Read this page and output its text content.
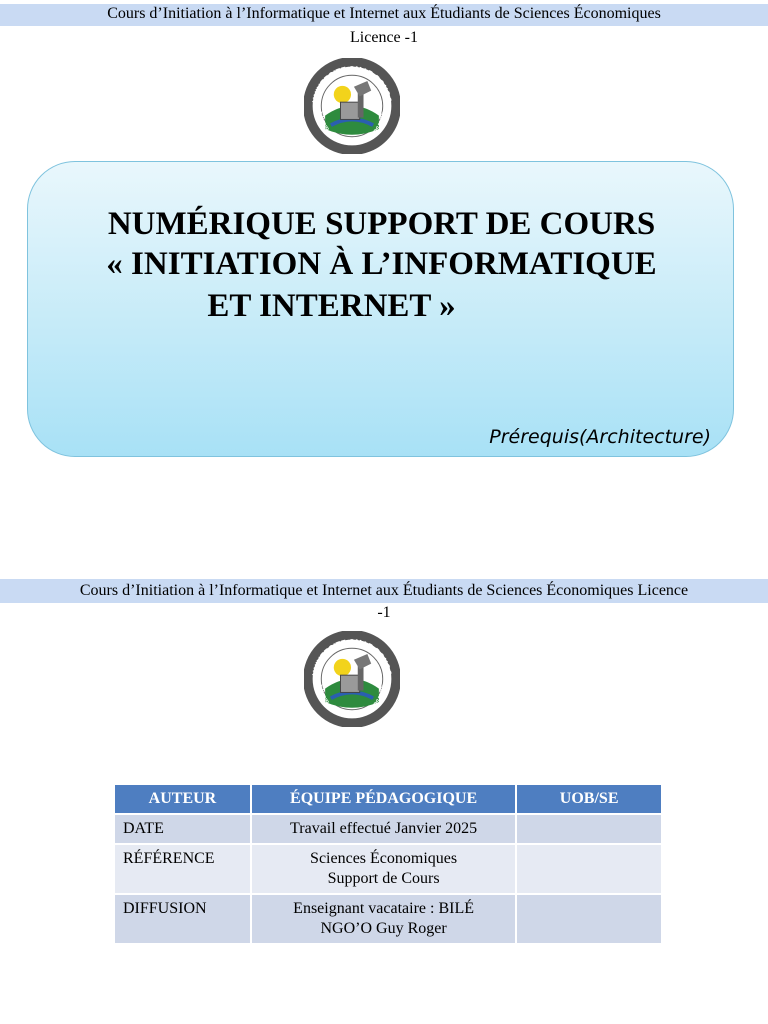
Cours d’Initiation à l’Informatique et Internet aux Étudiants de Sciences Économiques
Licence -1
UNIVERSITE OMAR BONGO
SAVOIR • PROGRES • UNIVERSALITE
NUMÉRIQUE SUPPORT DE COURS
« INITIATION À L’INFORMATIQUE
ET INTERNET »
Prérequis(Architecture)
Cours d’Initiation à l’Informatique et Internet aux Étudiants de Sciences Économiques Licence
-1
UNIVERSITE OMAR BONGO
SAVOIR • PROGRES • UNIVERSALITE
AUTEUR	ÉQUIPE PÉDAGOGIQUE	UOB/SE
DATE	Travail effectué Janvier 2025	

RÉFÉRENCE	Sciences Économiques
Support de Cours	

DIFFUSION	Enseignant vacataire : BILÉ
NGO’O Guy Roger	
